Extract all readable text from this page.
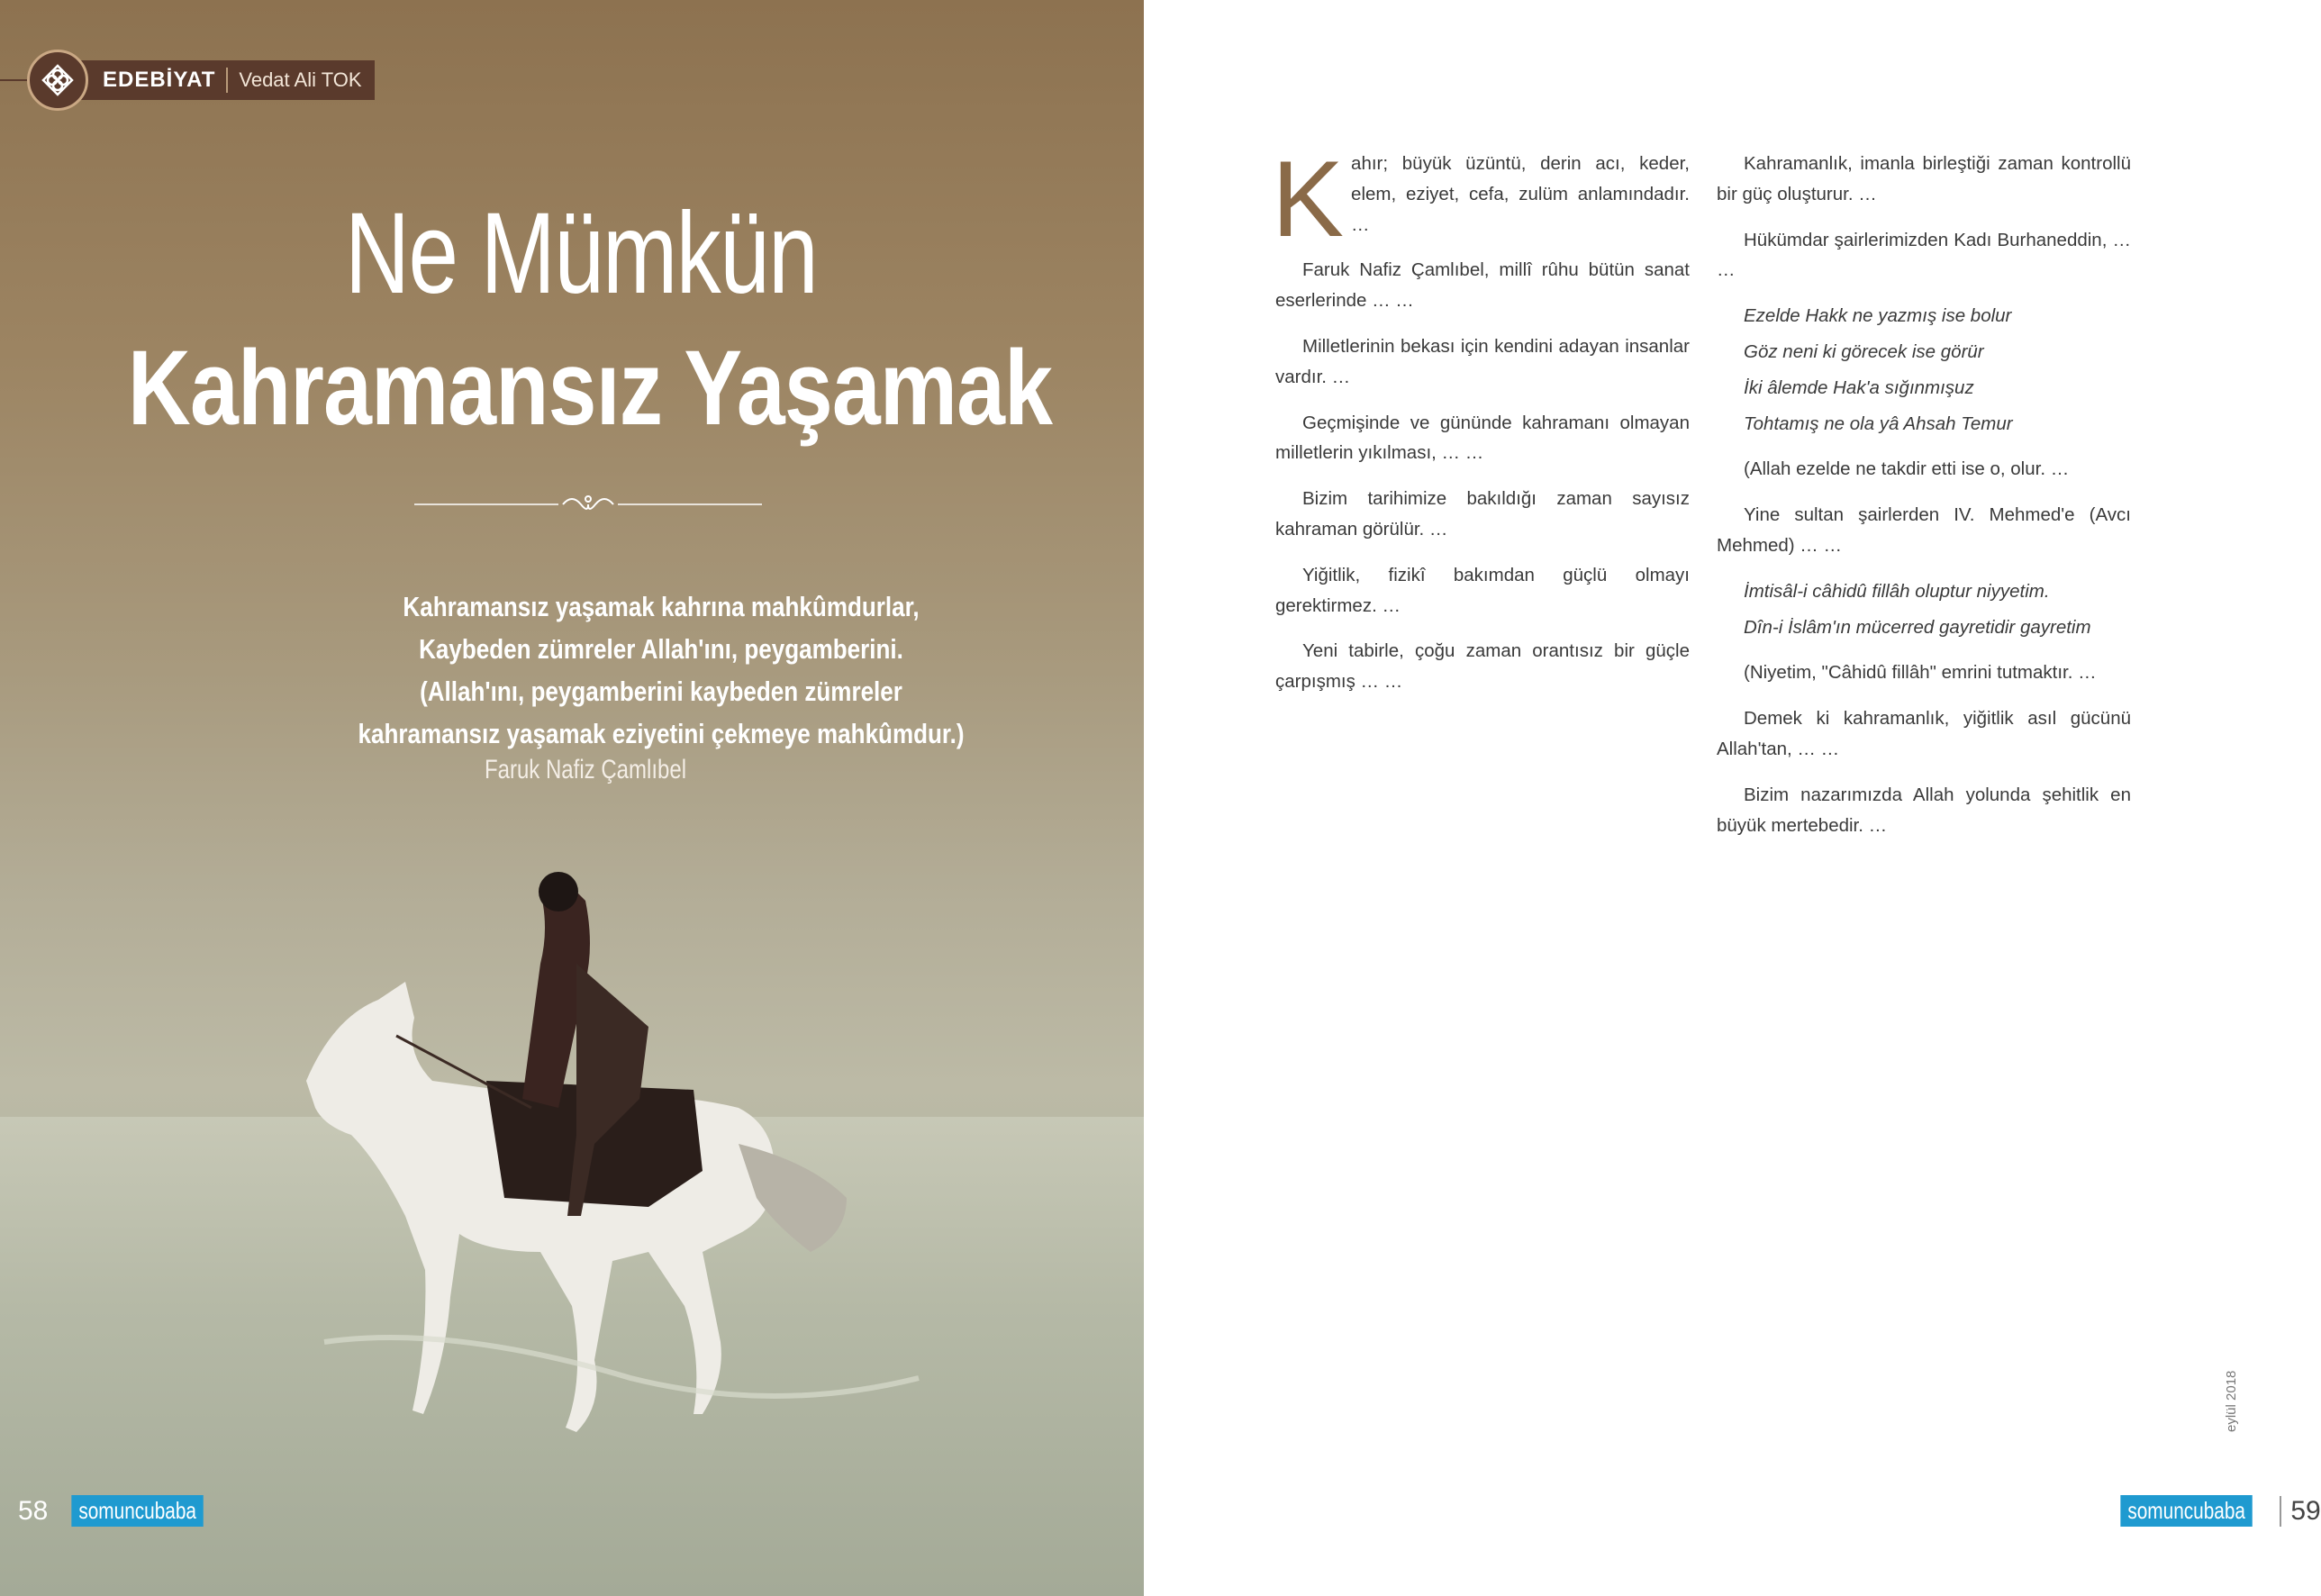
EDEBİYAT Vedat Ali TOK
Ne Mümkün
Kahramansız Yaşamak
Kahramansız yaşamak kahrına mahkûmdurlar,
Kaybeden zümreler Allah'ını, peygamberini.
(Allah'ını, peygamberini kaybeden zümreler
kahramansız yaşamak eziyetini çekmeye mahkûmdur.)
Faruk Nafiz Çamlıbel
58	somuncubaba

Kahır; büyük üzüntü, derin acı, keder, elem, eziyet, cefa, zulüm anlamındadır. …

Faruk Nafiz Çamlıbel, millî rûhu bütün sanat eserlerinde … …

Milletlerinin bekası için kendini adayan insanlar vardır. …

Geçmişinde ve gününde kahramanı olmayan milletlerin yıkılması, … …

Bizim tarihimize bakıldığı zaman sayısız kahraman görülür. …

Yiğitlik, fizikî bakımdan güçlü olmayı gerektirmez. …

Yeni tabirle, çoğu zaman orantısız bir güçle çarpışmış … …

Kahramanlık, imanla birleştiği zaman kontrollü bir güç oluşturur. …

Hükümdar şairlerimizden Kadı Burhaneddin, … …

Ezelde Hakk ne yazmış ise bolur

Göz neni ki görecek ise görür

İki âlemde Hak'a sığınmışuz

Tohtamış ne ola yâ Ahsah Temur

(Allah ezelde ne takdir etti ise o, olur. …

Yine sultan şairlerden IV. Mehmed'e (Avcı Mehmed) … …

İmtisâl-i câhidû fillâh oluptur niyyetim.

Dîn-i İslâm'ın mücerred gayretidir gayretim

(Niyetim, "Câhidû fillâh" emrini tutmaktır. …

Demek ki kahramanlık, yiğitlik asıl gücünü Allah'tan, … …

Bizim nazarımızda Allah yolunda şehitlik en büyük mertebedir. …

eylül 2018
somuncubaba 59
